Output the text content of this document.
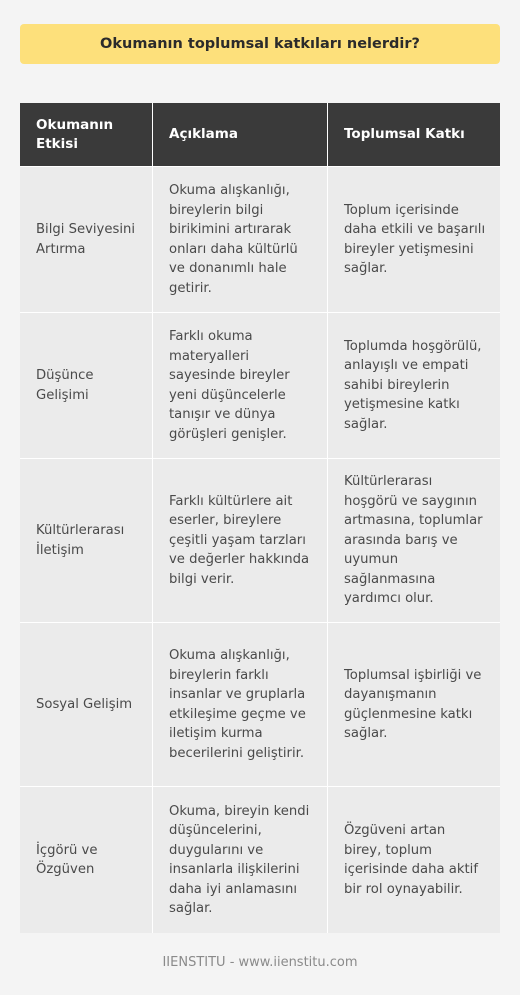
Okumanın toplumsal katkıları nelerdir?
Okumanın Etkisi
Açıklama	Toplumsal Katkı
Bilgi Seviyesini Artırma
Okuma alışkanlığı, bireylerin bilgi birikimini artırarak onları daha kültürlü ve donanımlı hale getirir.
Toplum içerisinde daha etkili ve başarılı bireyler yetişmesini sağlar.
Düşünce Gelişimi
Farklı okuma materyalleri sayesinde bireyler yeni düşüncelerle tanışır ve dünya görüşleri genişler.
Toplumda hoşgörülü, anlayışlı ve empati sahibi bireylerin yetişmesine katkı sağlar.
Kültürlerarası İletişim
Farklı kültürlere ait eserler, bireylere çeşitli yaşam tarzları ve değerler hakkında bilgi verir.
Kültürlerarası hoşgörü ve saygının artmasına, toplumlar arasında barış ve uyumun sağlanmasına yardımcı olur.
Sosyal Gelişim
Okuma alışkanlığı, bireylerin farklı insanlar ve gruplarla etkileşime geçme ve iletişim kurma becerilerini geliştirir.
Toplumsal işbirliği ve dayanışmanın güçlenmesine katkı sağlar.
İçgörü ve Özgüven
Okuma, bireyin kendi düşüncelerini, duygularını ve insanlarla ilişkilerini daha iyi anlamasını sağlar.
Özgüveni artan birey, toplum içerisinde daha aktif bir rol oynayabilir.
IIENSTITU - www.iienstitu.com
